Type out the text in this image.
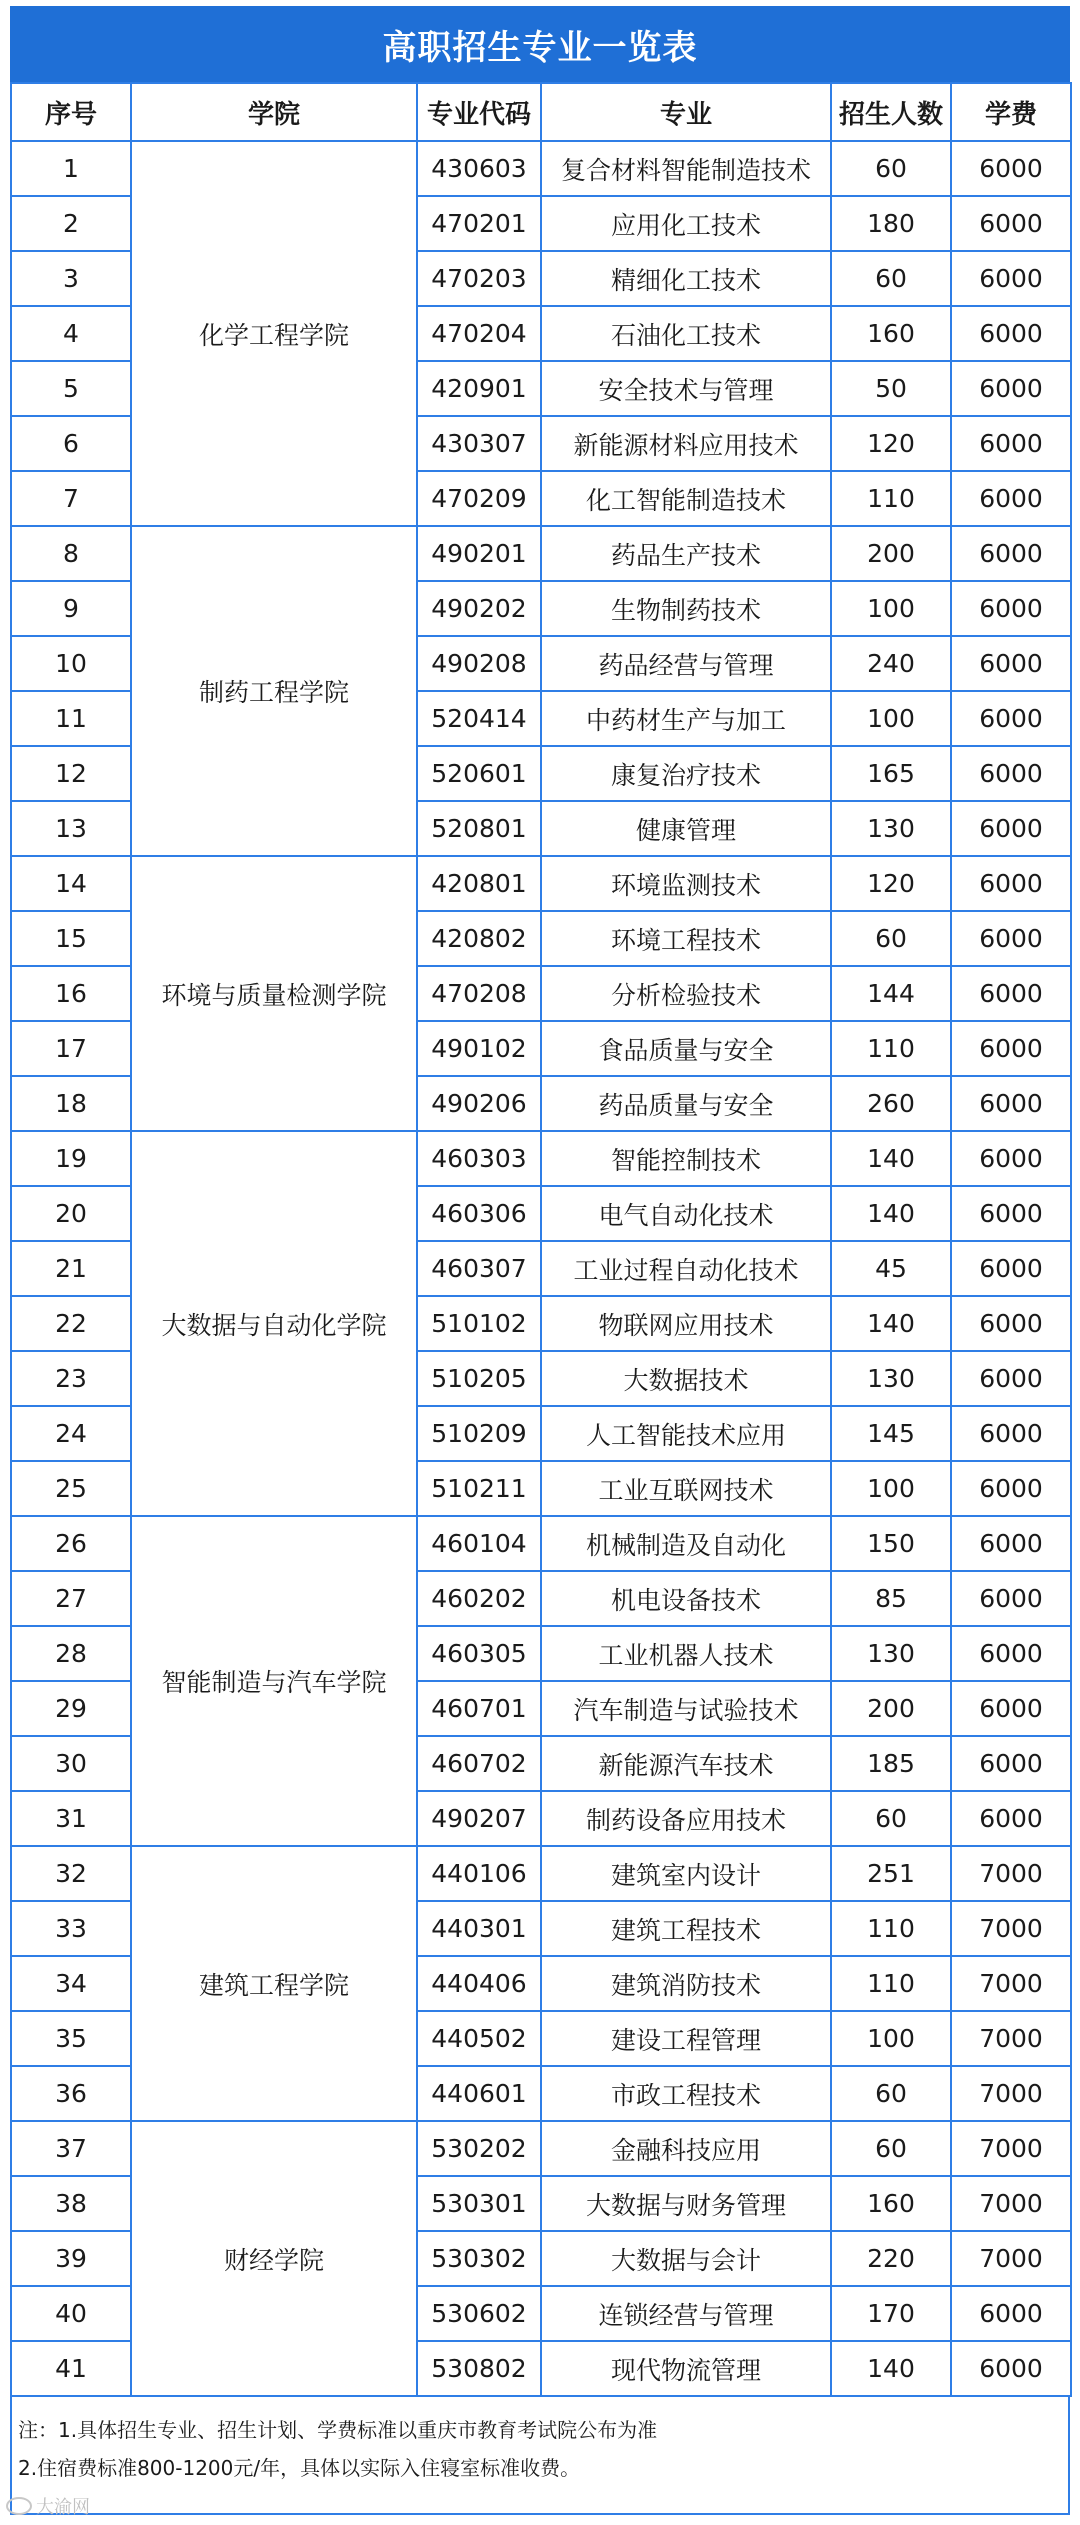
高职招生专业一览表
序号	学院	专业代码	专业	招生人数	学费
1	化学工程学院	430603	复合材料智能制造技术	60	6000
2		470201	应用化工技术	180	6000
3		470203	精细化工技术	60	6000
4		470204	石油化工技术	160	6000
5		420901	安全技术与管理	50	6000
6		430307	新能源材料应用技术	120	6000
7		470209	化工智能制造技术	110	6000
8	制药工程学院	490201	药品生产技术	200	6000
9		490202	生物制药技术	100	6000
10		490208	药品经营与管理	240	6000
11		520414	中药材生产与加工	100	6000
12		520601	康复治疗技术	165	6000
13		520801	健康管理	130	6000
14	环境与质量检测学院	420801	环境监测技术	120	6000
15		420802	环境工程技术	60	6000
16		470208	分析检验技术	144	6000
17		490102	食品质量与安全	110	6000
18		490206	药品质量与安全	260	6000
19	大数据与自动化学院	460303	智能控制技术	140	6000
20		460306	电气自动化技术	140	6000
21		460307	工业过程自动化技术	45	6000
22		510102	物联网应用技术	140	6000
23		510205	大数据技术	130	6000
24		510209	人工智能技术应用	145	6000
25		510211	工业互联网技术	100	6000
26	智能制造与汽车学院	460104	机械制造及自动化	150	6000
27		460202	机电设备技术	85	6000
28		460305	工业机器人技术	130	6000
29		460701	汽车制造与试验技术	200	6000
30		460702	新能源汽车技术	185	6000
31		490207	制药设备应用技术	60	6000
32	建筑工程学院	440106	建筑室内设计	251	7000
33		440301	建筑工程技术	110	7000
34		440406	建筑消防技术	110	7000
35		440502	建设工程管理	100	7000
36		440601	市政工程技术	60	7000
37	财经学院	530202	金融科技应用	60	7000
38		530301	大数据与财务管理	160	7000
39		530302	大数据与会计	220	7000
40		530602	连锁经营与管理	170	6000
41		530802	现代物流管理	140	6000
注：1.具体招生专业、招生计划、学费标准以重庆市教育考试院公布为准
2.住宿费标准800-1200元/年，具体以实际入住寝室标准收费。
大渝网
